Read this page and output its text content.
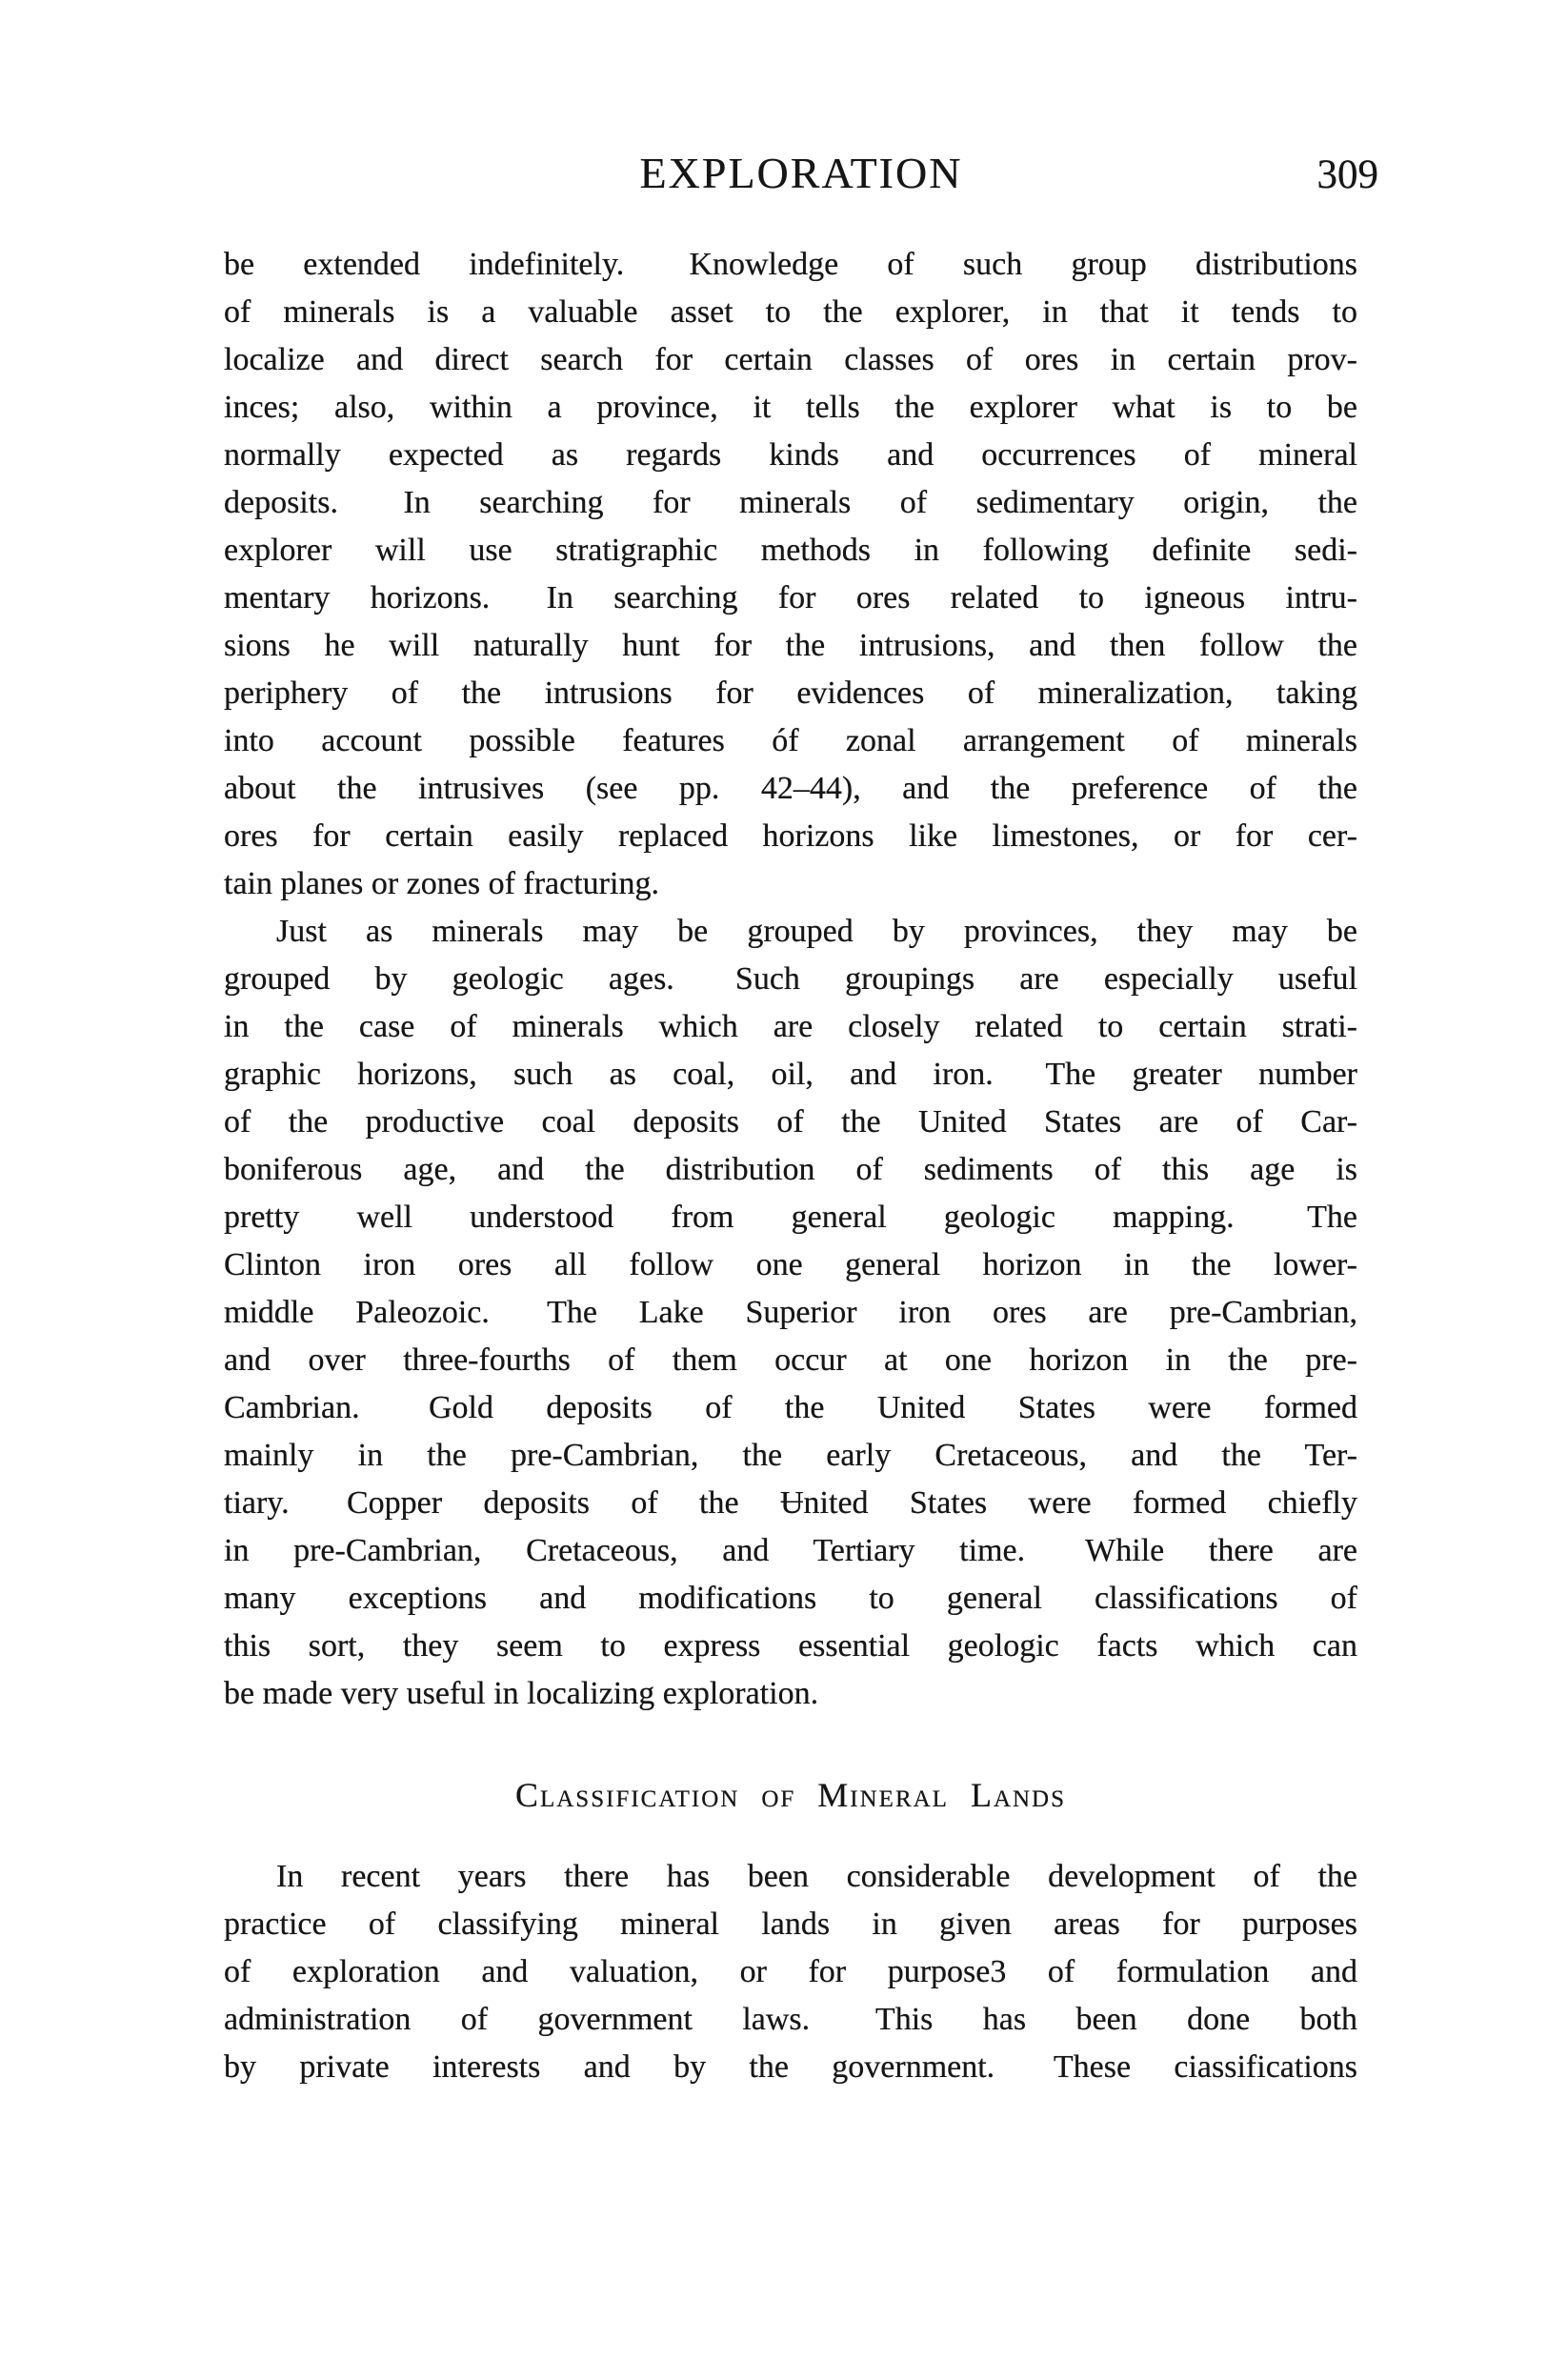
EXPLORATION	309
be extended indefinitely.  Knowledge of such group distributions
of minerals is a valuable asset to the explorer, in that it tends to
localize and direct search for certain classes of ores in certain prov-
inces; also, within a province, it tells the explorer what is to be
normally expected as regards kinds and occurrences of mineral
deposits.  In searching for minerals of sedimentary origin, the
explorer will use stratigraphic methods in following definite sedi-
mentary horizons.  In searching for ores related to igneous intru-
sions he will naturally hunt for the intrusions, and then follow the
periphery of the intrusions for evidences of mineralization, taking
into account possible features óf zonal arrangement of minerals
about the intrusives (see pp. 42–44), and the preference of the
ores for certain easily replaced horizons like limestones, or for cer-
tain planes or zones of fracturing.
Just as minerals may be grouped by provinces, they may be
grouped by geologic ages.  Such groupings are especially useful
in the case of minerals which are closely related to certain strati-
graphic horizons, such as coal, oil, and iron.  The greater number
of the productive coal deposits of the United States are of Car-
boniferous age, and the distribution of sediments of this age is
pretty well understood from general geologic mapping.  The
Clinton iron ores all follow one general horizon in the lower-
middle Paleozoic.  The Lake Superior iron ores are pre-Cambrian,
and over three-fourths of them occur at one horizon in the pre-
Cambrian.  Gold deposits of the United States were formed
mainly in the pre-Cambrian, the early Cretaceous, and the Ter-
tiary.  Copper deposits of the Ʉnited States were formed chiefly
in pre-Cambrian, Cretaceous, and Tertiary time.  While there are
many exceptions and modifications to general classifications of
this sort, they seem to express essential geologic facts which can
be made very useful in localizing exploration.
Classification of Mineral Lands
In recent years there has been considerable development of the
practice of classifying mineral lands in given areas for purposes
of exploration and valuation, or for purpose3 of formulation and
administration of government laws.  This has been done both
by private interests and by the government.  These ciassifications
